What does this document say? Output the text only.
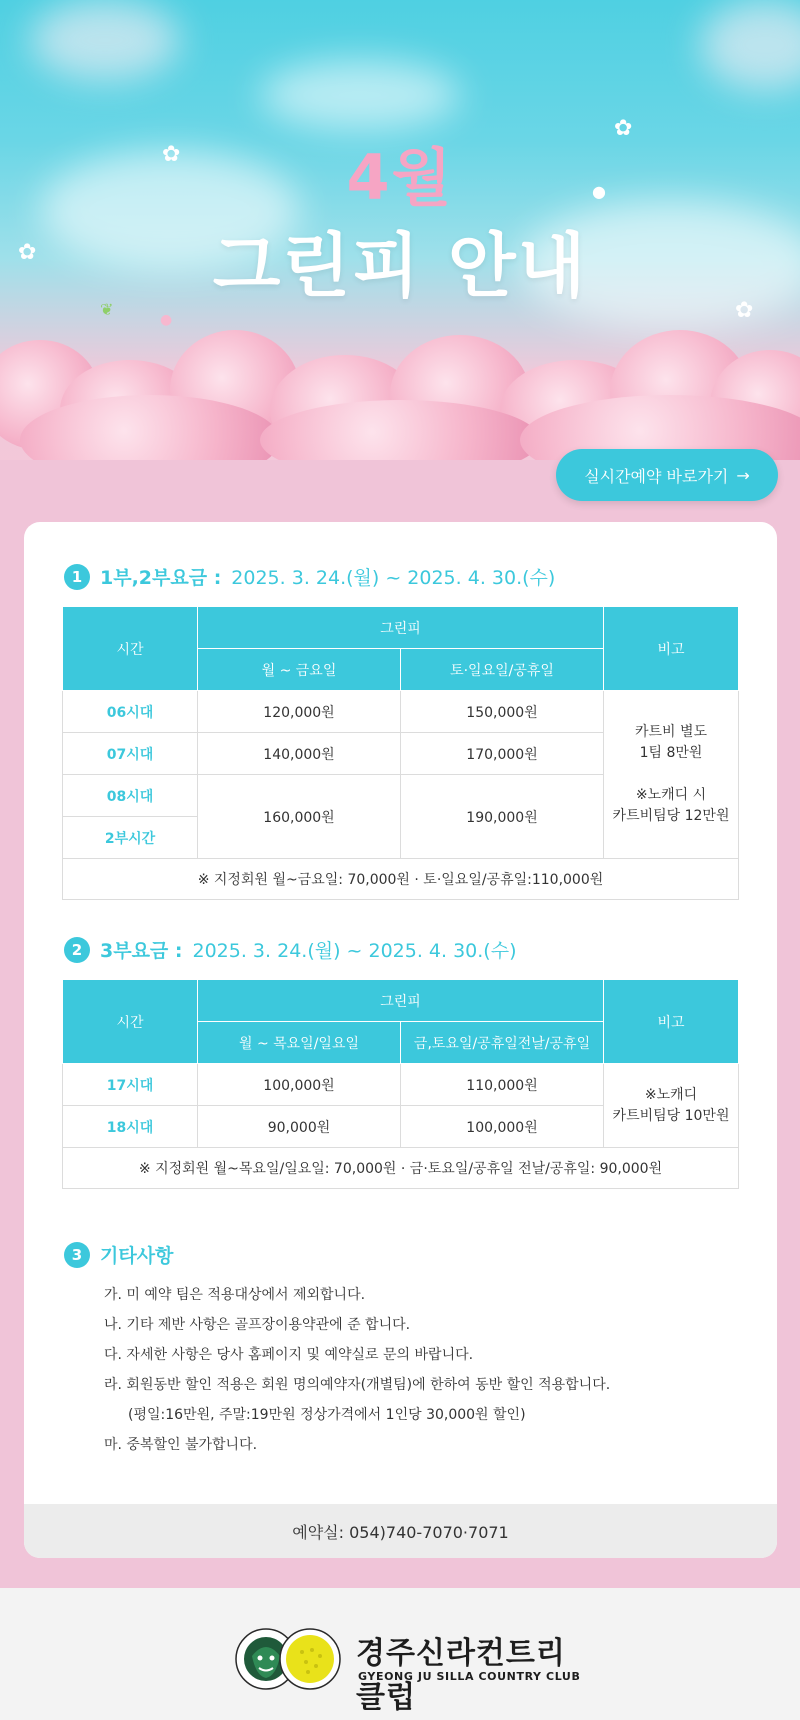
✿
✿
●
✿
✿
●
❦
4월
그린피 안내
실시간예약 바로가기 →
1 1부,2부요금 : 2025. 3. 24.(월) ~ 2025. 4. 30.(수)
시간	그린피		비고
	월 ~ 금요일	토·일요일/공휴일	
06시대	120,000원	150,000원	카트비 별도
1팀 8만원

※노캐디 시
카트비팀당 12만원
07시대	140,000원	170,000원	
08시대	160,000원	190,000원	
2부시간			
※ 지정회원 월~금요일: 70,000원 · 토·일요일/공휴일:110,000원			
2 3부요금 : 2025. 3. 24.(월) ~ 2025. 4. 30.(수)
시간	그린피		비고
	월 ~ 목요일/일요일	금,토요일/공휴일전날/공휴일	
17시대	100,000원	110,000원	※노캐디
카트비팀당 10만원
18시대	90,000원	100,000원	
※ 지정회원 월~목요일/일요일: 70,000원 · 금·토요일/공휴일 전날/공휴일: 90,000원			
3 기타사항
가. 미 예약 팀은 적용대상에서 제외합니다.
나. 기타 제반 사항은 골프장이용약관에 준 합니다.
다. 자세한 사항은 당사 홈페이지 및 예약실로 문의 바랍니다.
라. 회원동반 할인 적용은 회원 명의예약자(개별팀)에 한하여 동반 할인 적용합니다.
(평일:16만원, 주말:19만원 정상가격에서 1인당 30,000원 할인)
마. 중복할인 불가합니다.
예약실: 054)740-7070·7071
경주신라컨트리클럽
GYEONG JU SILLA COUNTRY CLUB
